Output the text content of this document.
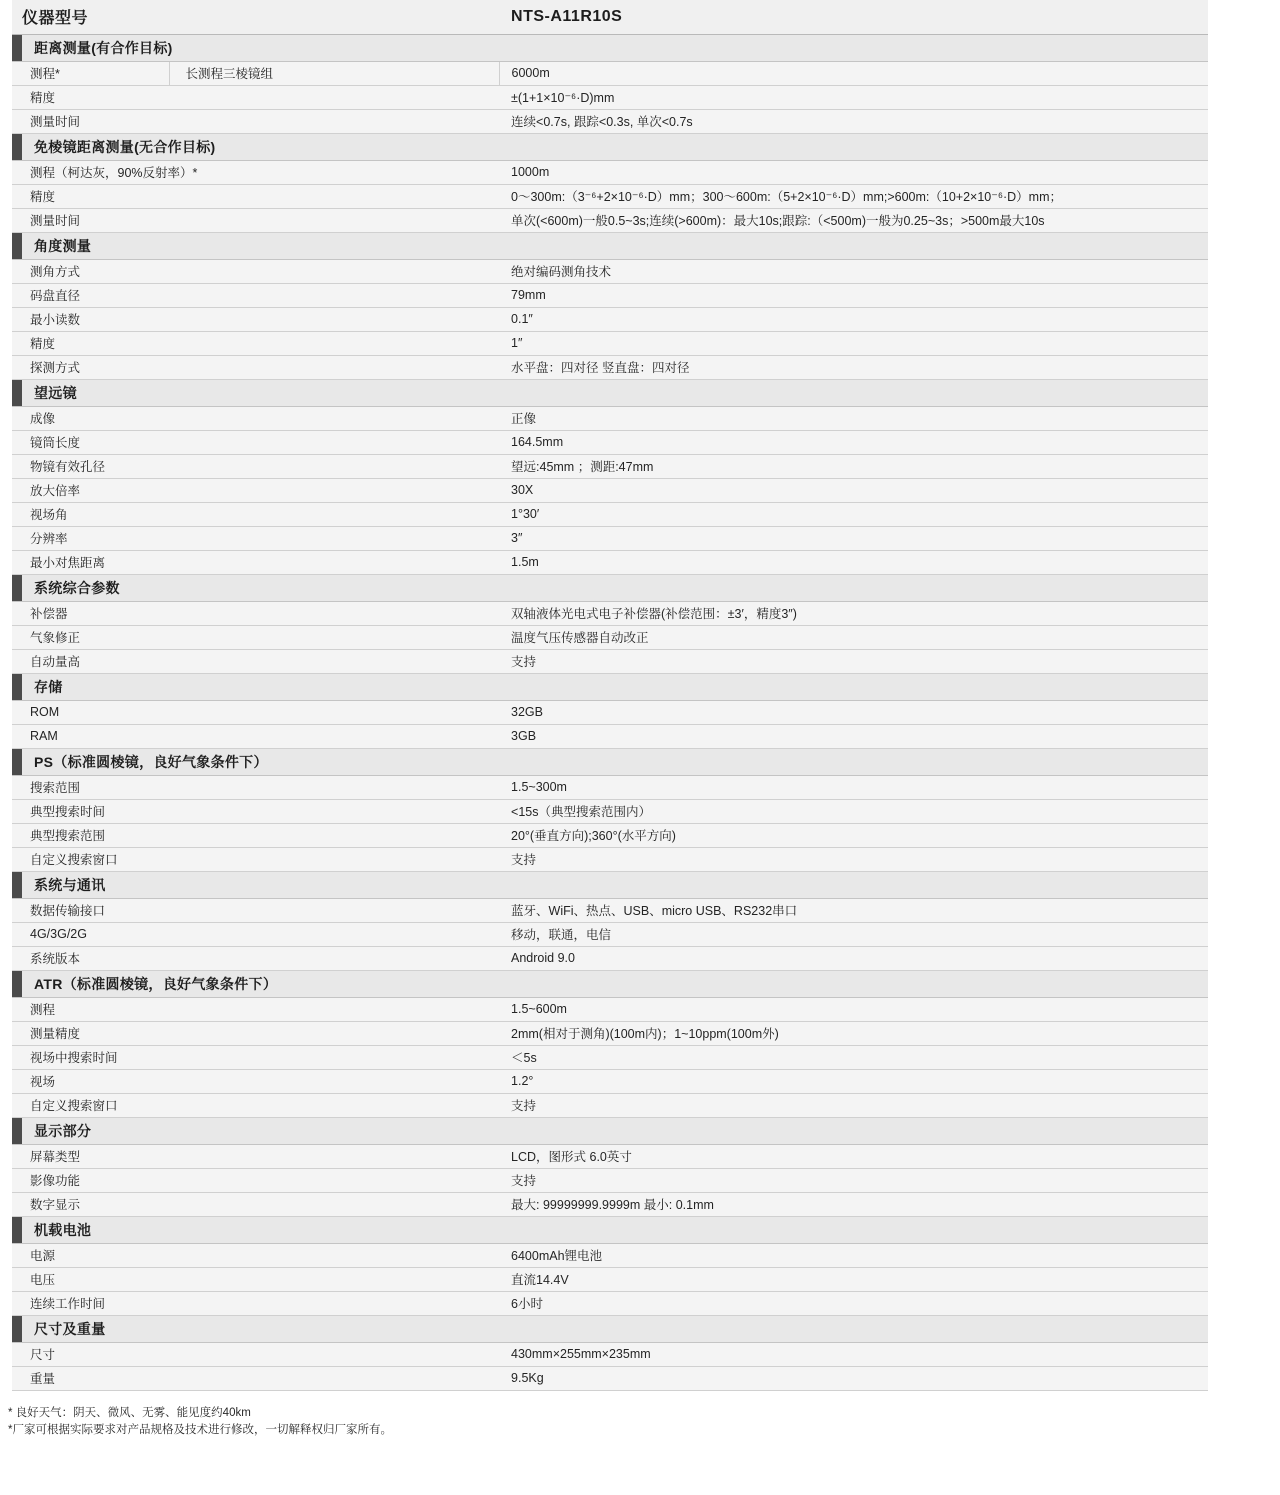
仪器型号		NTS-A11R10S

距离测量(有合作目标)		

测程*	长测程三棱镜组	6000m
精度		±(1+1×10⁻⁶·D)mm
测量时间		连续<0.7s, 跟踪<0.3s, 单次<0.7s

免棱镜距离测量(无合作目标)		

测程（柯达灰，90%反射率）*		1000m
精度		0～300m:（3⁻⁶+2×10⁻⁶·D）mm；300～600m:（5+2×10⁻⁶·D）mm;>600m:（10+2×10⁻⁶·D）mm；
测量时间		单次(<600m)一般0.5~3s;连续(>600m)：最大10s;跟踪:（<500m)一般为0.25~3s；>500m最大10s

角度测量		

测角方式		绝对编码测角技术
码盘直径		79mm
最小读数		0.1″
精度		1″
探测方式		水平盘：四对径 竖直盘：四对径

望远镜		

成像		正像
镜筒长度		164.5mm
物镜有效孔径		望远:45mm ；测距:47mm
放大倍率		30X
视场角		1°30′
分辨率		3″
最小对焦距离		1.5m

系统综合参数		

补偿器		双轴液体光电式电子补偿器(补偿范围：±3′，精度3″)
气象修正		温度气压传感器自动改正
自动量高		支持

存储		

ROM		32GB
RAM		3GB

PS（标准圆棱镜，良好气象条件下）		

搜索范围		1.5~300m
典型搜索时间		<15s（典型搜索范围内）
典型搜索范围		20°(垂直方向);360°(水平方向)
自定义搜索窗口		支持

系统与通讯		

数据传输接口		蓝牙、WiFi、热点、USB、micro USB、RS232串口
4G/3G/2G		移动，联通，电信
系统版本		Android 9.0

ATR（标准圆棱镜，良好气象条件下）		

测程		1.5~600m
测量精度		2mm(相对于测角)(100m内)；1~10ppm(100m外)
视场中搜索时间		＜5s
视场		1.2°
自定义搜索窗口		支持

显示部分		

屏幕类型		LCD，图形式 6.0英寸
影像功能		支持
数字显示		最大: 99999999.9999m 最小: 0.1mm

机载电池		

电源		6400mAh锂电池
电压		直流14.4V
连续工作时间		6小时

尺寸及重量		

尺寸		430mm×255mm×235mm
重量		9.5Kg
* 良好天气：阴天、微风、无雾、能见度约40km
*厂家可根据实际要求对产品规格及技术进行修改，一切解释权归厂家所有。
